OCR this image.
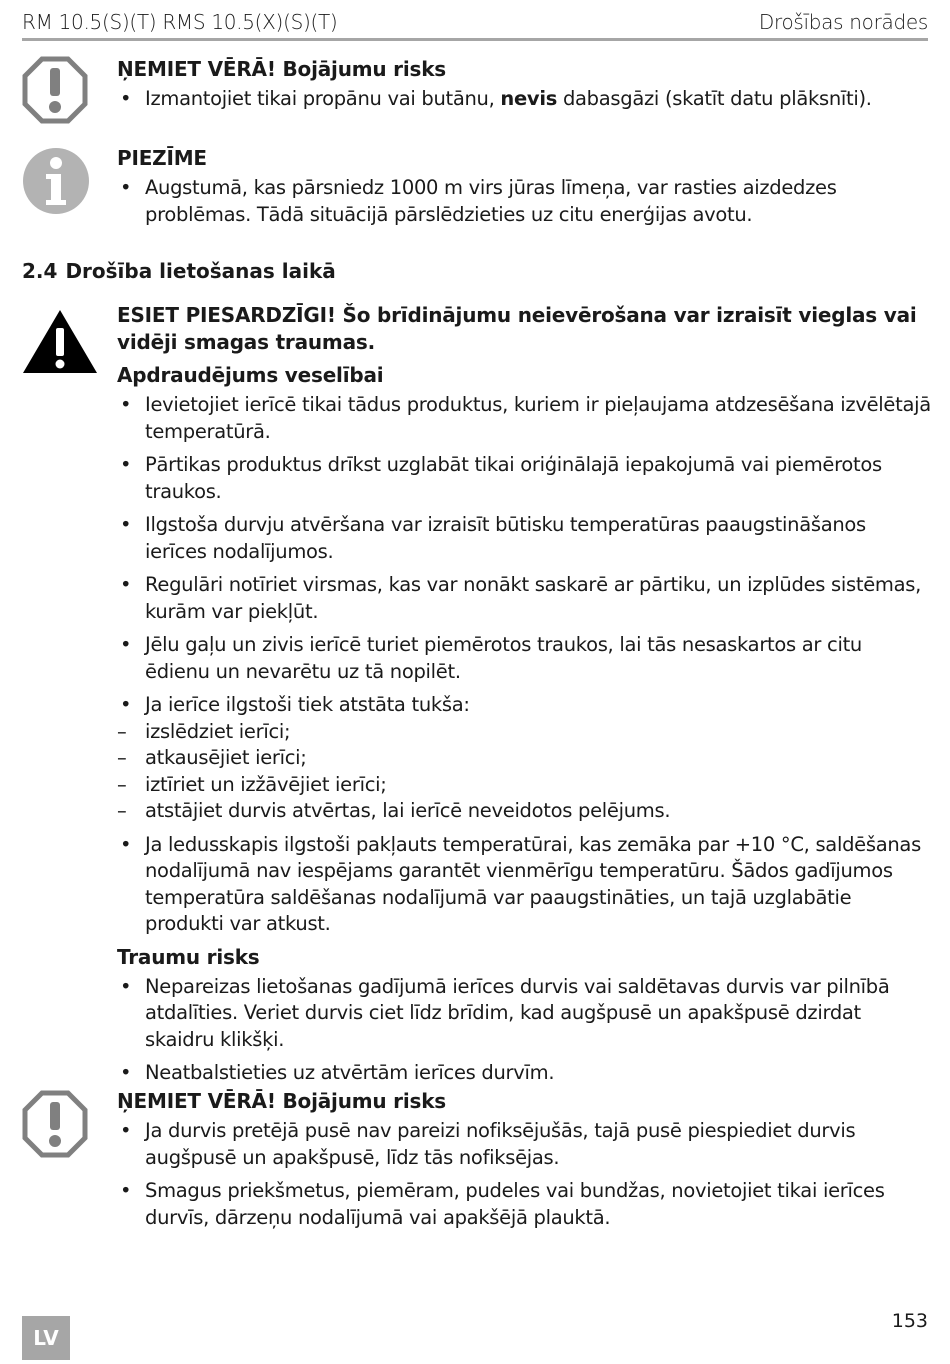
RM 10.5(S)(T) RMS 10.5(X)(S)(T)	Drošības norādes
ŅEMIET VĒRĀ! Bojājumu risks
• Izmantojiet tikai propānu vai butānu, nevis dabasgāzi (skatīt datu plāksnīti).
PIEZĪME
• Augstumā, kas pārsniedz 1000 m virs jūras līmeņa, var rasties aizdedzes problēmas. Tādā situācijā pārslēdzieties uz citu enerģijas avotu.
2.4 Drošība lietošanas laikā
ESIET PIESARDZĪGI! Šo brīdinājumu neievērošana var izraisīt vieglas vai vidēji smagas traumas.
Apdraudējums veselībai
• Ievietojiet ierīcē tikai tādus produktus, kuriem ir pieļaujama atdzesēšana izvēlētajā temperatūrā.
• Pārtikas produktus drīkst uzglabāt tikai oriģinālajā iepakojumā vai piemērotos traukos.
• Ilgstoša durvju atvēršana var izraisīt būtisku temperatūras paaugstināšanos ierīces nodalījumos.
• Regulāri notīriet virsmas, kas var nonākt saskarē ar pārtiku, un izplūdes sistēmas, kurām var piekļūt.
• Jēlu gaļu un zivis ierīcē turiet piemērotos traukos, lai tās nesaskartos ar citu ēdienu un nevarētu uz tā nopilēt.
• Ja ierīce ilgstoši tiek atstāta tukša:
– izslēdziet ierīci;
– atkausējiet ierīci;
– iztīriet un izžāvējiet ierīci;
– atstājiet durvis atvērtas, lai ierīcē neveidotos pelējums.
• Ja ledusskapis ilgstoši pakļauts temperatūrai, kas zemāka par +10 °C, saldēšanas nodalījumā nav iespējams garantēt vienmērīgu temperatūru. Šādos gadījumos temperatūra saldēšanas nodalījumā var paaugstināties, un tajā uzglabātie produkti var atkust.
Traumu risks
• Nepareizas lietošanas gadījumā ierīces durvis vai saldētavas durvis var pilnībā atdalīties. Veriet durvis ciet līdz brīdim, kad augšpusē un apakšpusē dzirdat skaidru klikšķi.
• Neatbalstieties uz atvērtām ierīces durvīm.
ŅEMIET VĒRĀ! Bojājumu risks
• Ja durvis pretējā pusē nav pareizi nofiksējušās, tajā pusē piespiediet durvis augšpusē un apakšpusē, līdz tās nofiksējas.
• Smagus priekšmetus, piemēram, pudeles vai bundžas, novietojiet tikai ierīces durvīs, dārzeņu nodalījumā vai apakšējā plauktā.
LV
153
